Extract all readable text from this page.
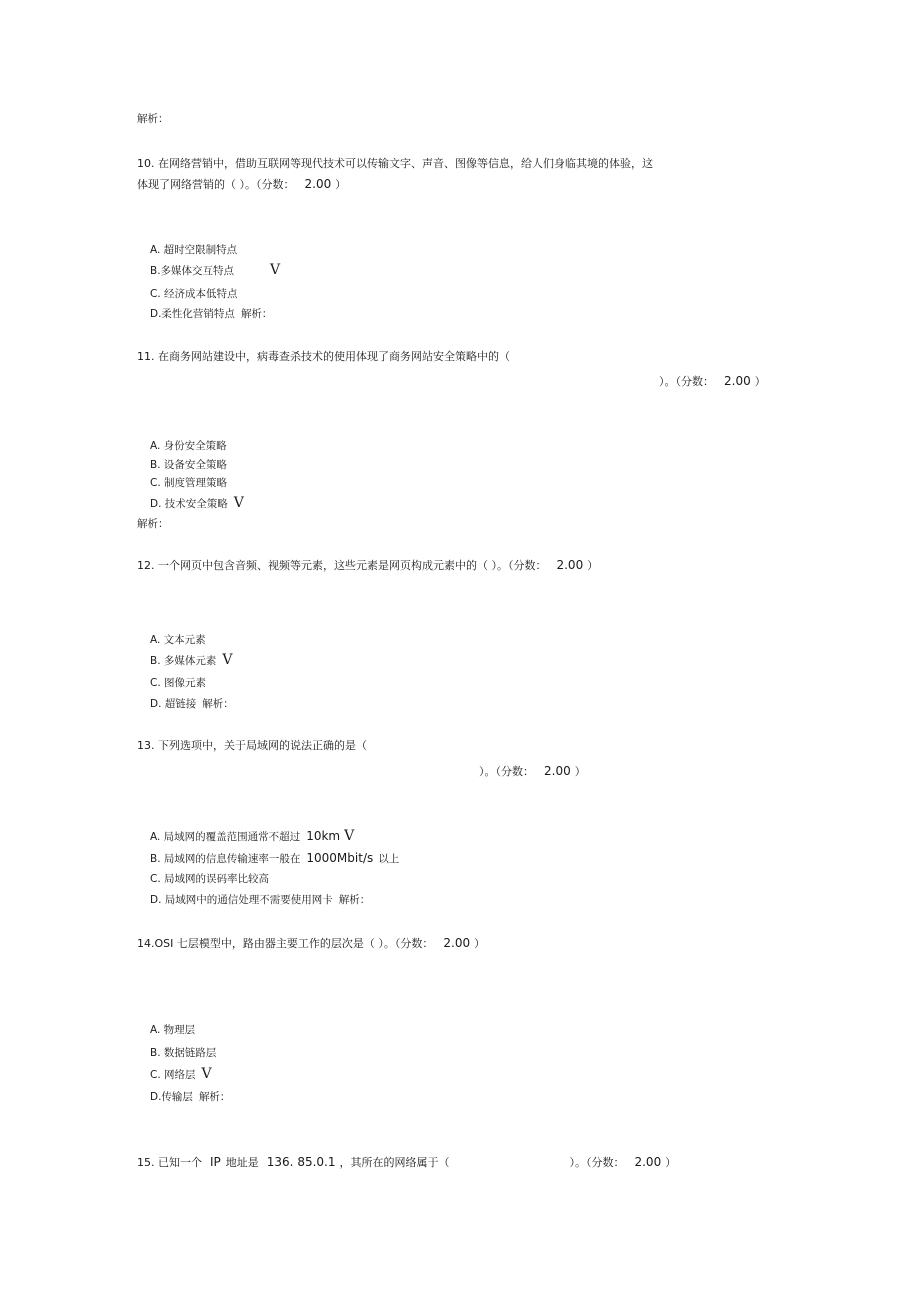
解析：
10. 在网络营销中，借助互联网等现代技术可以传输文字、声音、图像等信息，给人们身临其境的体验，这
体现了网络营销的（ ）。（分数： 2.00 ）
A. 超时空限制特点
B.多媒体交互特点	V
C. 经济成本低特点
D.柔性化营销特点 解析：
11. 在商务网站建设中，病毒查杀技术的使用体现了商务网站安全策略中的（
）。（分数： 2.00 ）
A. 身份安全策略
B. 设备安全策略
C. 制度管理策略
D. 技术安全策略 V
解析：
12. 一个网页中包含音频、视频等元素，这些元素是网页构成元素中的（ ）。（分数： 2.00 ）
A. 文本元素
B. 多媒体元素 V
C. 图像元素
D. 超链接 解析：
13. 下列选项中，关于局域网的说法正确的是（
）。（分数： 2.00 ）
A. 局域网的覆盖范围通常不超过 10km V
B. 局域网的信息传输速率一般在 1000Mbit/s 以上
C. 局域网的误码率比较高
D. 局域网中的通信处理不需要使用网卡 解析：
14.OSI 七层模型中，路由器主要工作的层次是（ ）。（分数： 2.00 ）
A. 物理层
B. 数据链路层
C. 网络层 V
D.传输层 解析：
15. 已知一个 IP 地址是 136. 85.0.1 ，其所在的网络属于（	）。（分数： 2.00 ）
